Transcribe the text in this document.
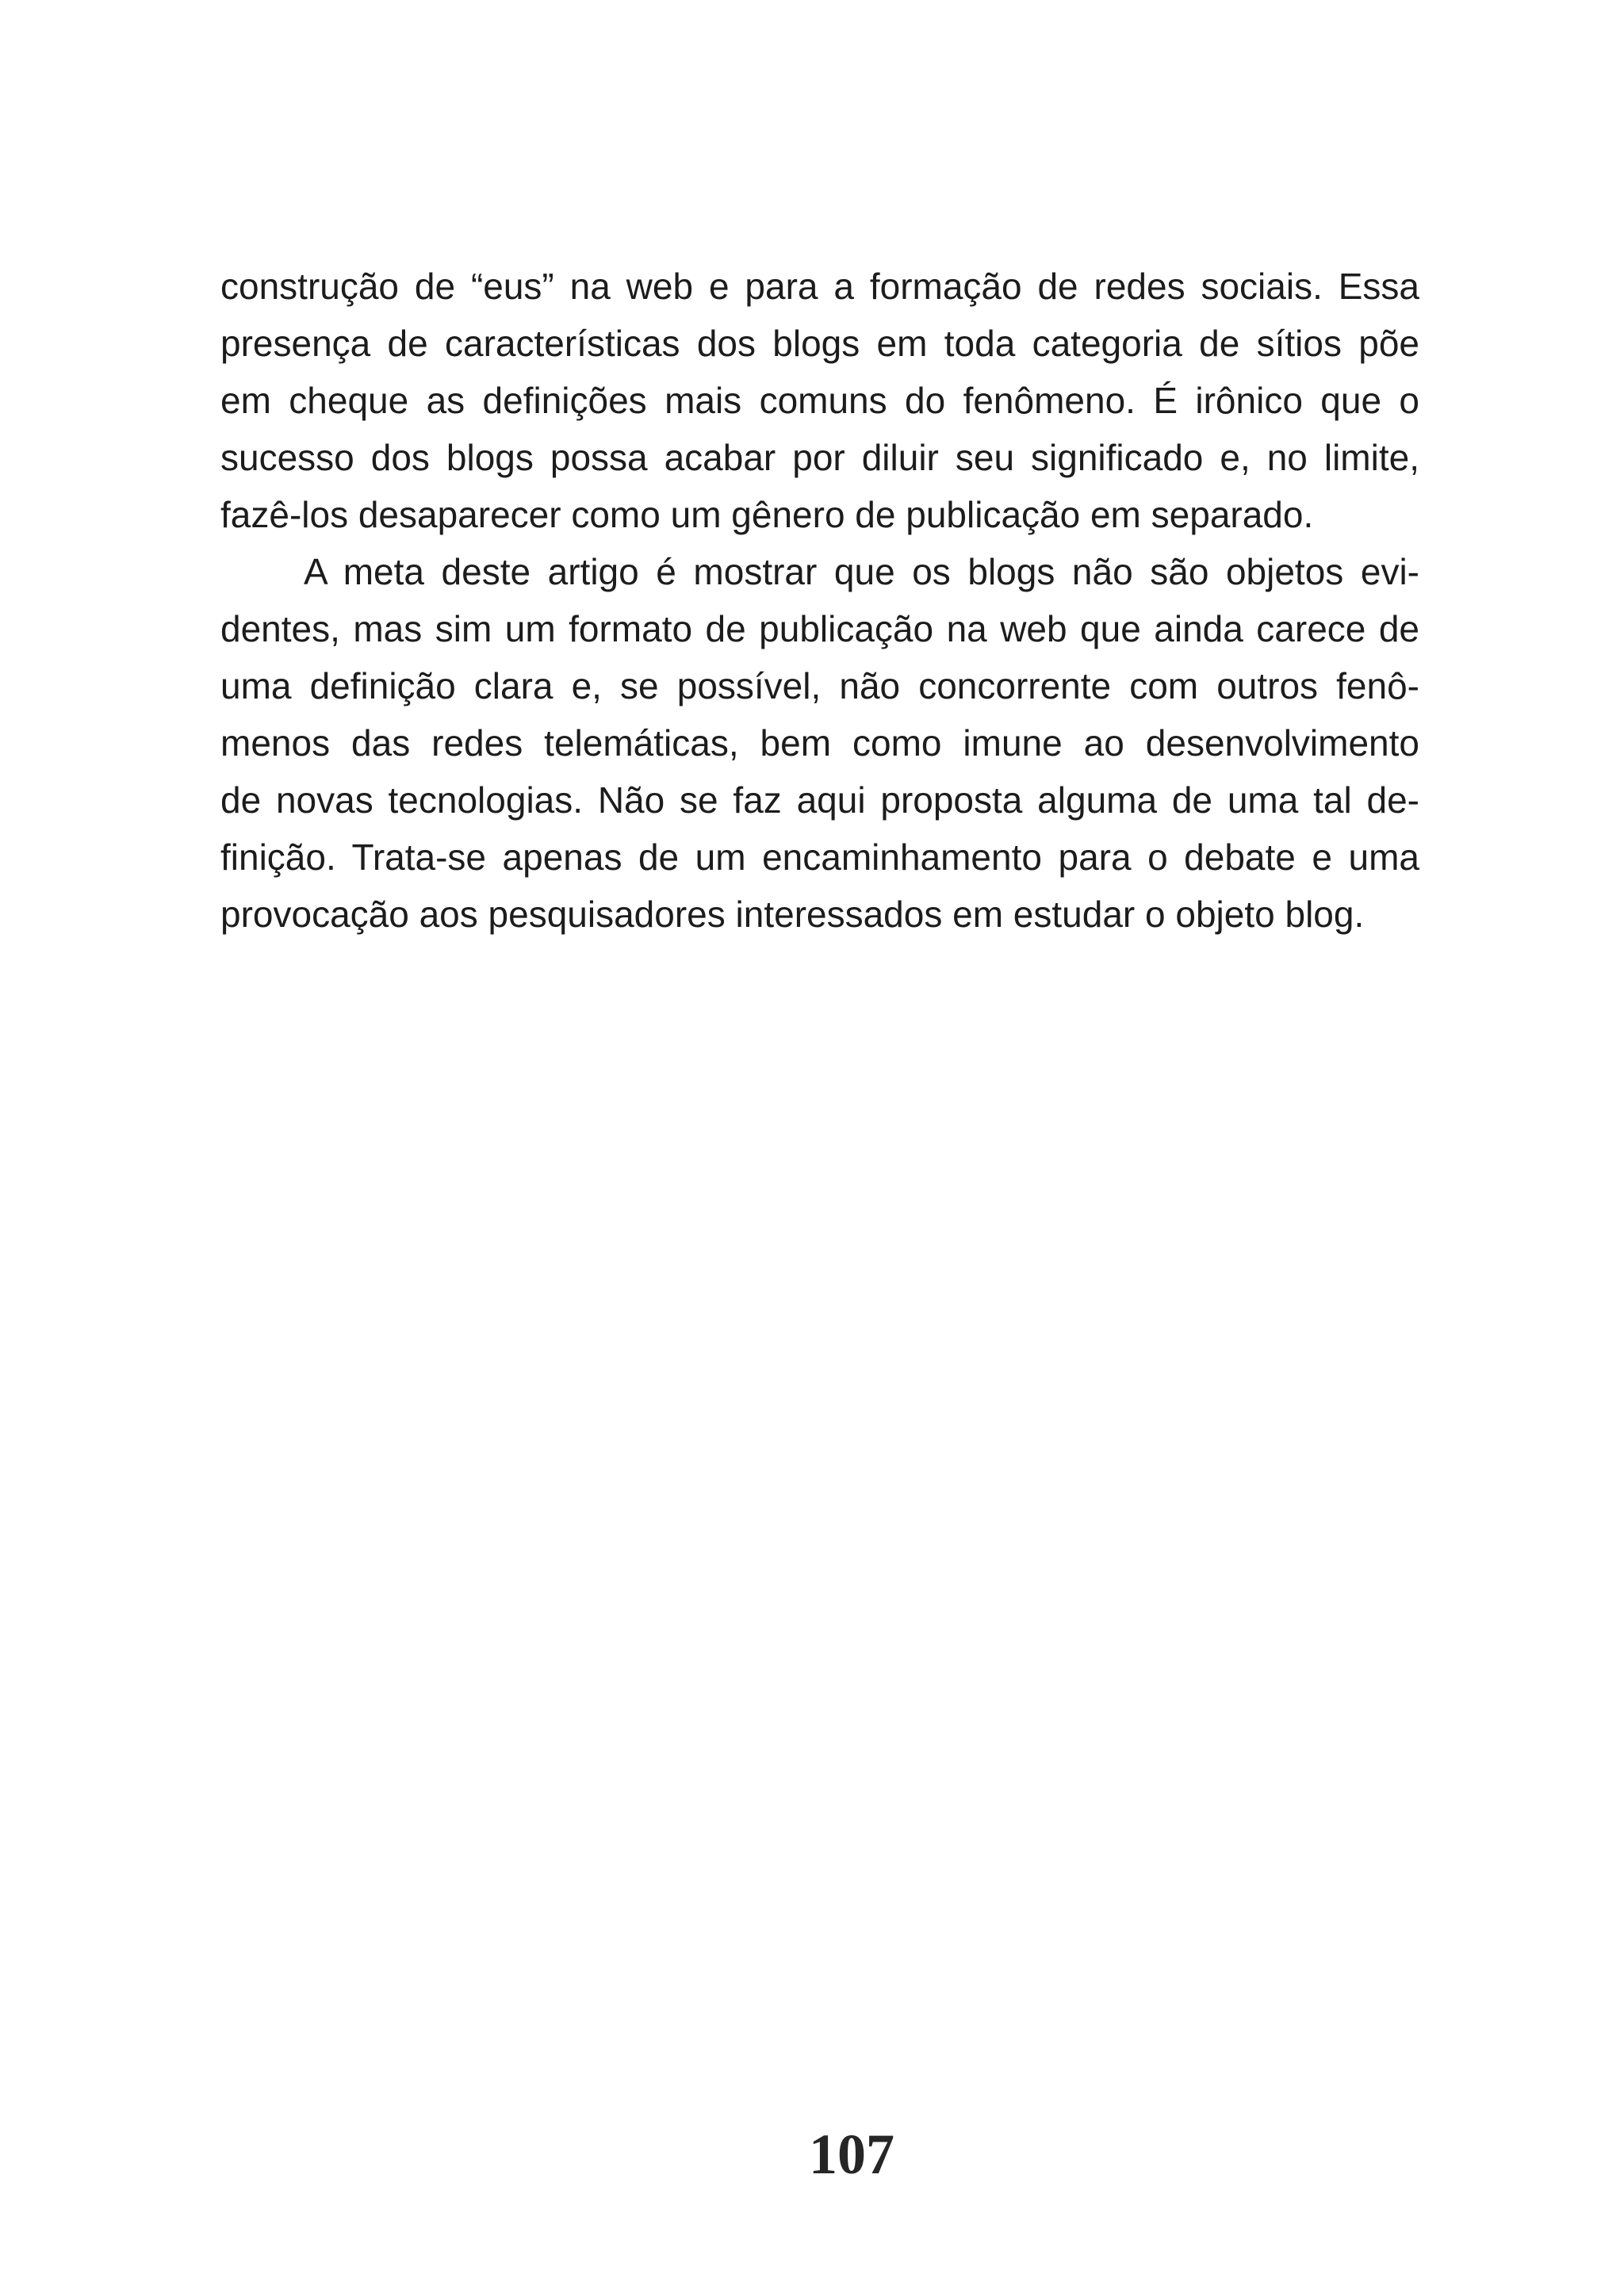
construção de “eus” na web e para a formação de redes sociais. Essa
presença de características dos blogs em toda categoria de sítios põe
em cheque as definições mais comuns do fenômeno. É irônico que o
sucesso dos blogs possa acabar por diluir seu significado e, no limite,
fazê-los desaparecer como um gênero de publicação em separado.
A meta deste artigo é mostrar que os blogs não são objetos evi-
dentes, mas sim um formato de publicação na web que ainda carece de
uma definição clara e, se possível, não concorrente com outros fenô-
menos das redes telemáticas, bem como imune ao desenvolvimento
de novas tecnologias. Não se faz aqui proposta alguma de uma tal de-
finição. Trata-se apenas de um encaminhamento para o debate e uma
provocação aos pesquisadores interessados em estudar o objeto blog.
107
